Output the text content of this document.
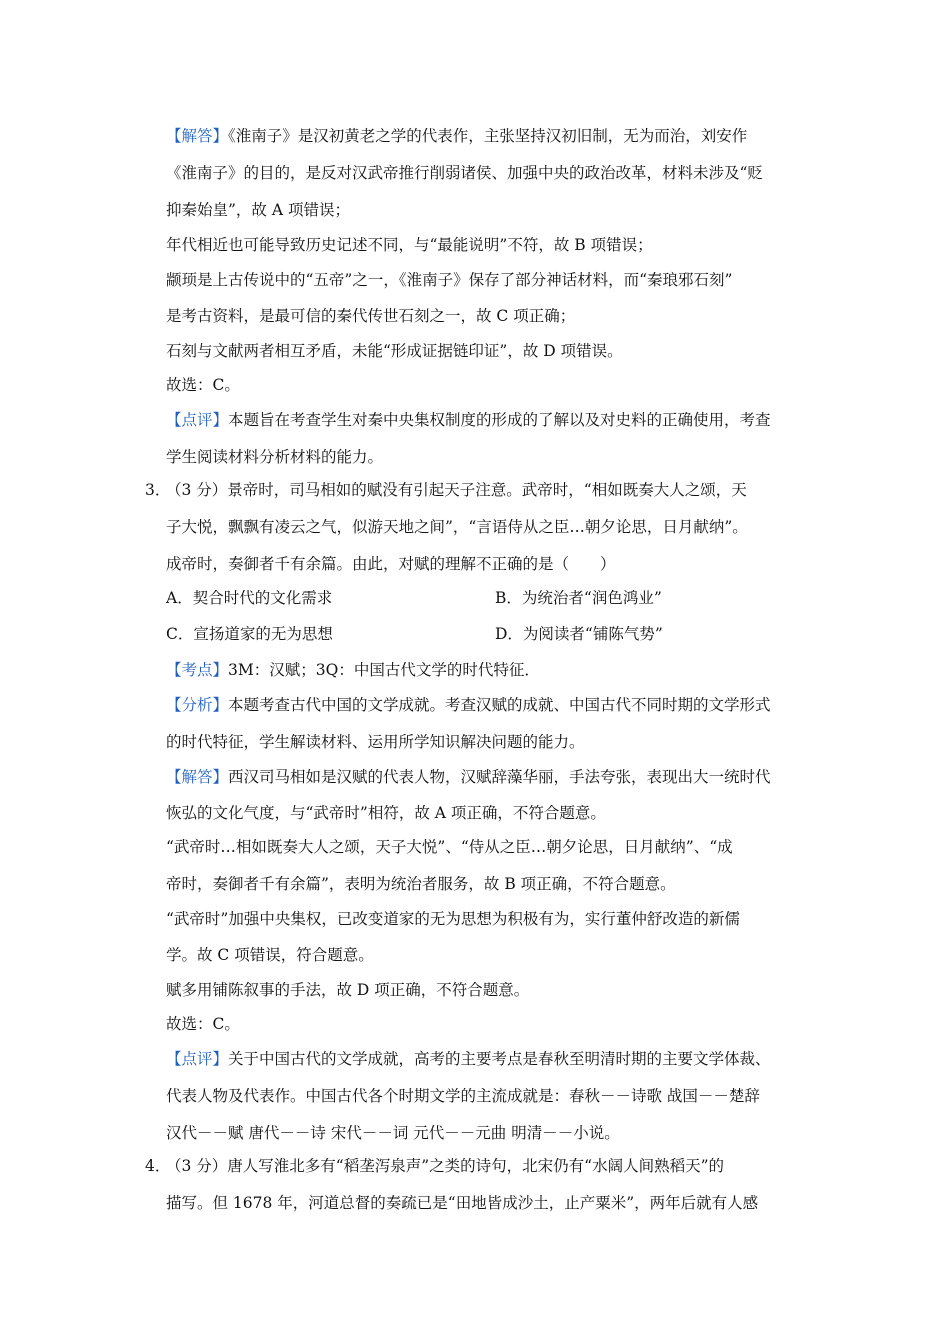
【解答】《淮南子》是汉初黄老之学的代表作，主张坚持汉初旧制，无为而治，刘安作
《淮南子》的目的，是反对汉武帝推行削弱诸侯、加强中央的政治改革，材料未涉及“贬
抑秦始皇”，故 A 项错误；
年代相近也可能导致历史记述不同，与“最能说明”不符，故 B 项错误；
颛顼是上古传说中的“五帝”之一，《淮南子》保存了部分神话材料，而“秦琅邪石刻”
是考古资料，是最可信的秦代传世石刻之一，故 C 项正确；
石刻与文献两者相互矛盾，未能“形成证据链印证”，故 D 项错误。
故选：C。
【点评】本题旨在考查学生对秦中央集权制度的形成的了解以及对史料的正确使用，考查
学生阅读材料分析材料的能力。
3．
（3 分）景帝时，司马相如的赋没有引起天子注意。武帝时，“相如既奏大人之颂，天
子大悦，飘飘有凌云之气，似游天地之间”，“言语侍从之臣…朝夕论思，日月献纳”。
成帝时，奏御者千有余篇。由此，对赋的理解不正确的是（　　）
A．契合时代的文化需求	B．为统治者“润色鸿业”
C．宣扬道家的无为思想	D．为阅读者“铺陈气势”
【考点】3M：汉赋；3Q：中国古代文学的时代特征．
【分析】本题考查古代中国的文学成就。考查汉赋的成就、中国古代不同时期的文学形式
的时代特征，学生解读材料、运用所学知识解决问题的能力。
【解答】西汉司马相如是汉赋的代表人物，汉赋辞藻华丽，手法夸张，表现出大一统时代
恢弘的文化气度，与“武帝时”相符，故 A 项正确，不符合题意。
“武帝时…相如既奏大人之颂，天子大悦”、“侍从之臣…朝夕论思，日月献纳”、“成
帝时，奏御者千有余篇”，表明为统治者服务，故 B 项正确，不符合题意。
“武帝时”加强中央集权，已改变道家的无为思想为积极有为，实行董仲舒改造的新儒
学。故 C 项错误，符合题意。
赋多用铺陈叙事的手法，故 D 项正确，不符合题意。
故选：C。
【点评】关于中国古代的文学成就，高考的主要考点是春秋至明清时期的主要文学体裁、
代表人物及代表作。中国古代各个时期文学的主流成就是：春秋－－诗歌 战国－－楚辞
汉代－－赋 唐代－－诗 宋代－－词 元代－－元曲 明清－－小说。
4．
（3 分）唐人写淮北多有“稻垄泻泉声”之类的诗句，北宋仍有“水阔人间熟稻天”的
描写。但 1678 年，河道总督的奏疏已是“田地皆成沙土，止产粟米”，两年后就有人感
